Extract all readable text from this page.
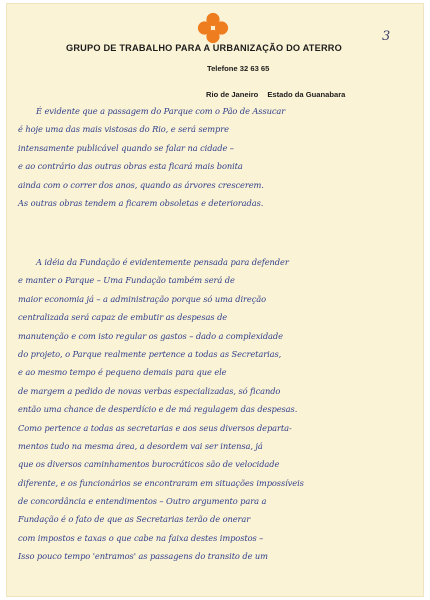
3
GRUPO DE TRABALHO PARA A URBANIZAÇÃO DO ATERRO
Telefone 32 63 65
Rio de Janeiro Estado da Guanabara
É evidente que a passagem do Parque com o Pão de Assucar
é hoje uma das mais vistosas do Rio, e será sempre
intensamente publicável quando se falar na cidade –
e ao contrário das outras obras esta ficará mais bonita
ainda com o correr dos anos, quando as árvores crescerem.
As outras obras tendem a ficarem obsoletas e deterioradas.
A idéia da Fundação é evidentemente pensada para defender
e manter o Parque – Uma Fundação também será de
maior economia já – a administração porque só uma direção
centralizada será capaz de embutir as despesas de
manutenção e com isto regular os gastos – dado a complexidade
do projeto, o Parque realmente pertence a todas as Secretarias,
e ao mesmo tempo é pequeno demais para que ele
de margem a pedido de novas verbas especializadas, só ficando
então uma chance de desperdício e de má regulagem das despesas.
Como pertence a todas as secretarias e aos seus diversos departa-
mentos tudo na mesma área, a desordem vai ser intensa, já
que os diversos caminhamentos burocráticos são de velocidade
diferente, e os funcionários se encontraram em situações impossíveis
de concordância e entendimentos – Outro argumento para a
Fundação é o fato de que as Secretarias terão de onerar
com impostos e taxas o que cabe na faixa destes impostos –
Isso pouco tempo 'entramos' as passagens do transito de um
